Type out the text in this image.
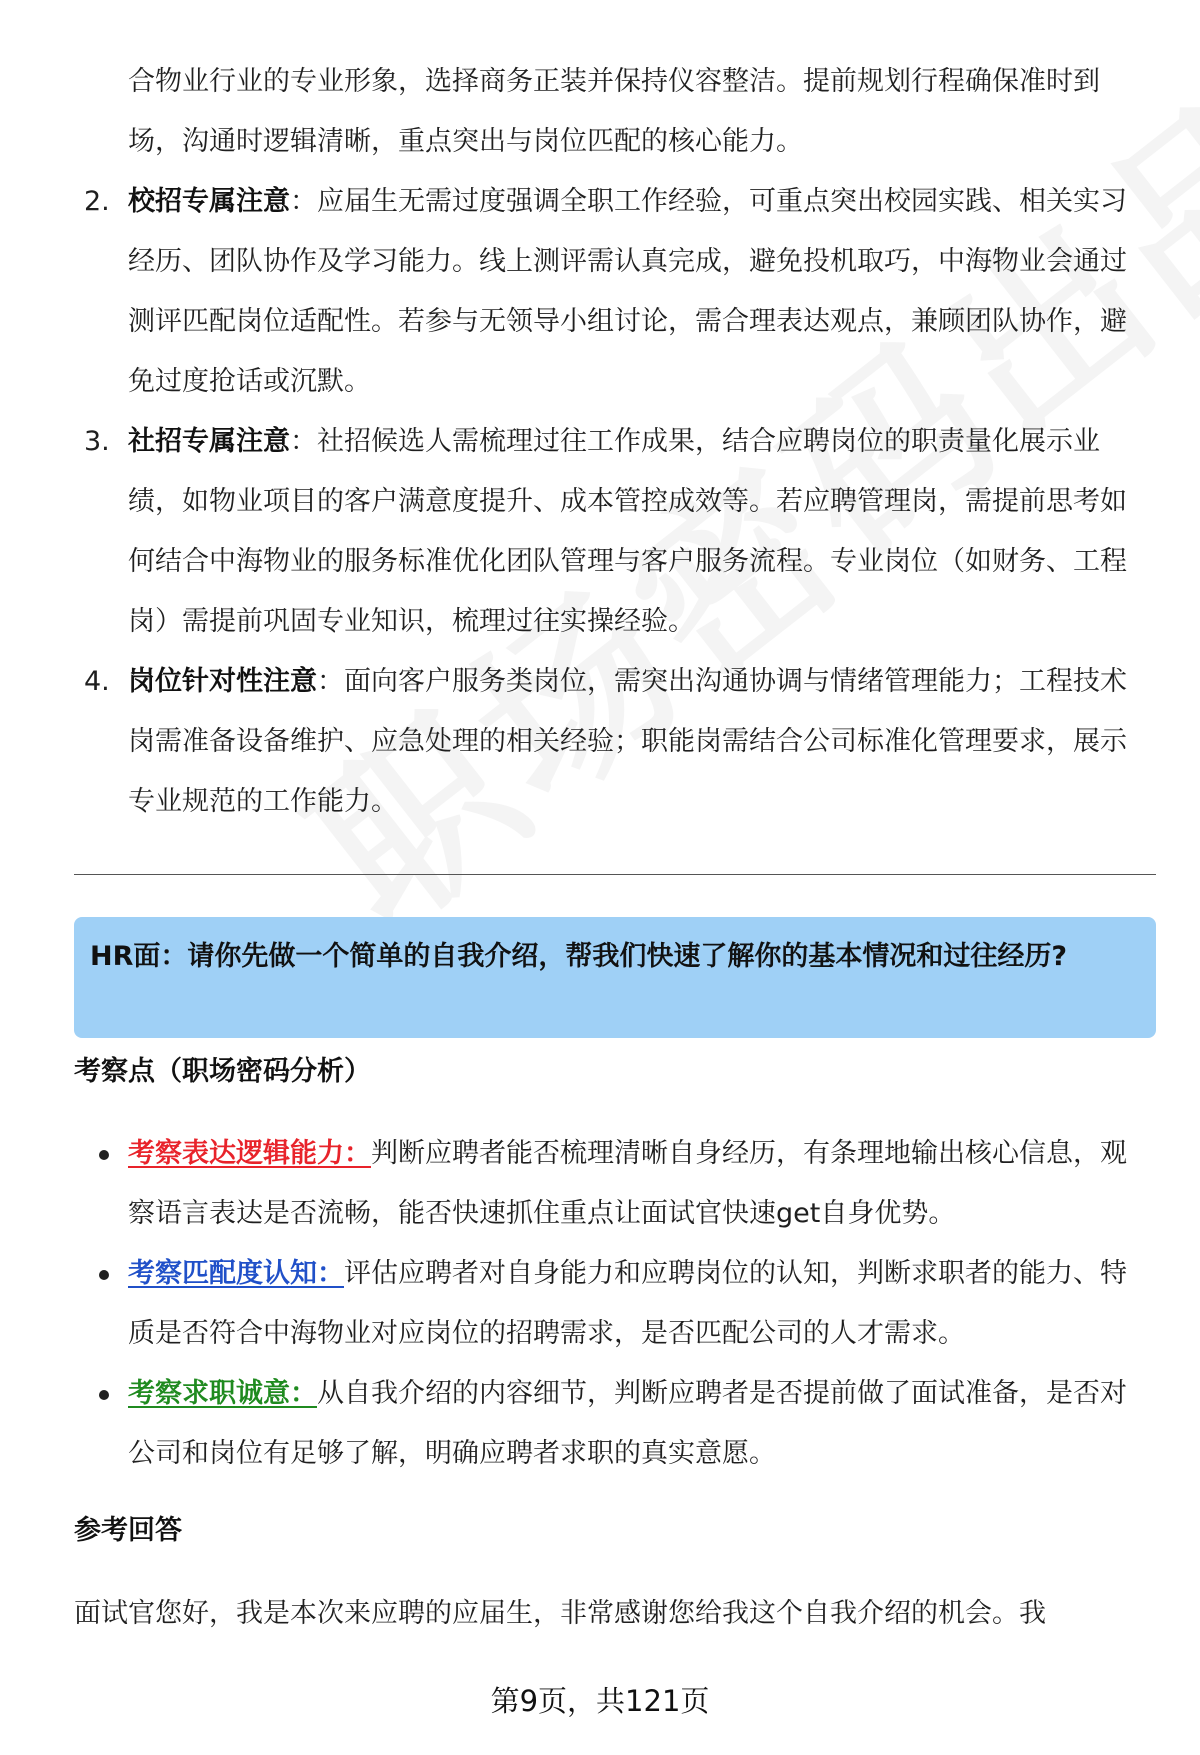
合物业行业的专业形象，选择商务正装并保持仪容整洁。提前规划行程确保准时到场，沟通时逻辑清晰，重点突出与岗位匹配的核心能力。

2. 校招专属注意：应届生无需过度强调全职工作经验，可重点突出校园实践、相关实习经历、团队协作及学习能力。线上测评需认真完成，避免投机取巧，中海物业会通过测评匹配岗位适配性。若参与无领导小组讨论，需合理表达观点，兼顾团队协作，避免过度抢话或沉默。
3. 社招专属注意：社招候选人需梳理过往工作成果，结合应聘岗位的职责量化展示业绩，如物业项目的客户满意度提升、成本管控成效等。若应聘管理岗，需提前思考如何结合中海物业的服务标准优化团队管理与客户服务流程。专业岗位（如财务、工程岗）需提前巩固专业知识，梳理过往实操经验。
4. 岗位针对性注意：面向客户服务类岗位，需突出沟通协调与情绪管理能力；工程技术岗需准备设备维护、应急处理的相关经验；职能岗需结合公司标准化管理要求，展示专业规范的工作能力。
HR面：请你先做一个简单的自我介绍，帮我们快速了解你的基本情况和过往经历?
考察点（职场密码分析）
考察表达逻辑能力：判断应聘者能否梳理清晰自身经历，有条理地输出核心信息，观察语言表达是否流畅，能否快速抓住重点让面试官快速get自身优势。
考察匹配度认知：评估应聘者对自身能力和应聘岗位的认知，判断求职者的能力、特质是否符合中海物业对应岗位的招聘需求，是否匹配公司的人才需求。
考察求职诚意：从自我介绍的内容细节，判断应聘者是否提前做了面试准备，是否对公司和岗位有足够了解，明确应聘者求职的真实意愿。
参考回答

面试官您好，我是本次来应聘的应届生，非常感谢您给我这个自我介绍的机会。我

第9页，共121页
